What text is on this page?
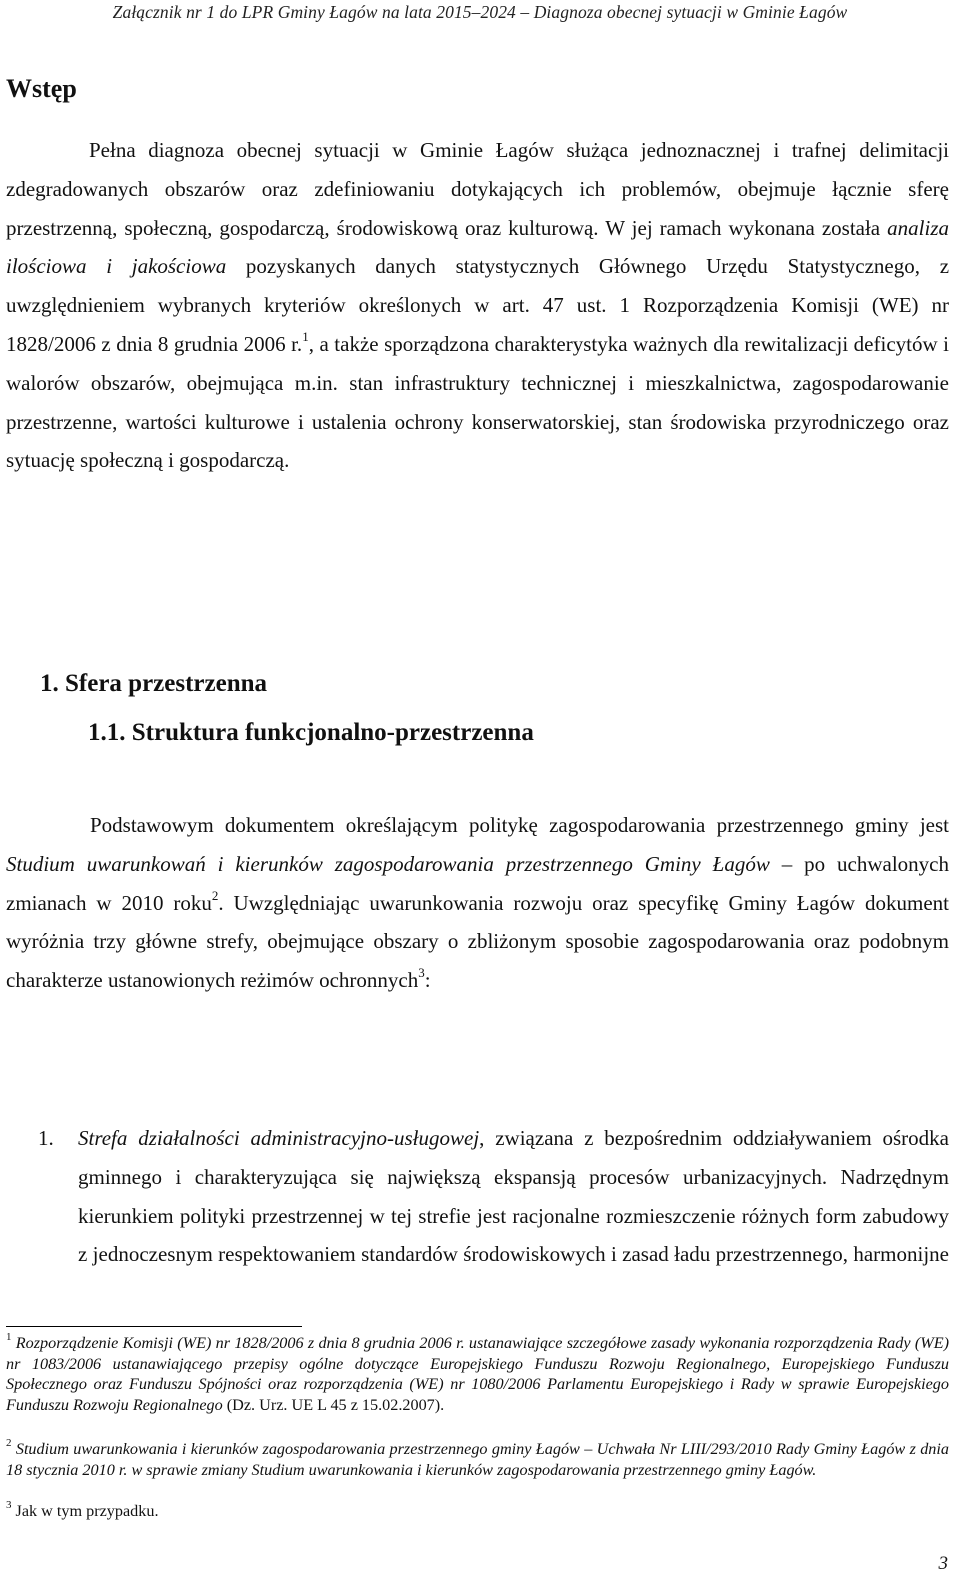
Załącznik nr 1 do LPR Gminy Łagów na lata 2015–2024 – Diagnoza obecnej sytuacji w Gminie Łagów
Wstęp

Pełna diagnoza obecnej sytuacji w Gminie Łagów służąca jednoznacznej i trafnej delimitacji zdegradowanych obszarów oraz zdefiniowaniu dotykających ich problemów, obejmuje łącznie sferę przestrzenną, społeczną, gospodarczą, środowiskową oraz kulturową. W jej ramach wykonana została analiza ilościowa i jakościowa pozyskanych danych statystycznych Głównego Urzędu Statystycznego, z uwzględnieniem wybranych kryteriów określonych w art. 47 ust. 1 Rozporządzenia Komisji (WE) nr 1828/2006 z dnia 8 grudnia 2006 r.$^1$, a także sporządzona charakterystyka ważnych dla rewitalizacji deficytów i walorów obszarów, obejmująca m.in. stan infrastruktury technicznej i mieszkalnictwa, zagospodarowanie przestrzenne, wartości kulturowe i ustalenia ochrony konserwatorskiej, stan środowiska przyrodniczego oraz sytuację społeczną i gospodarczą.

1. Sfera przestrzenna
1.1. Struktura funkcjonalno-przestrzenna

Podstawowym dokumentem określającym politykę zagospodarowania przestrzennego gminy jest Studium uwarunkowań i kierunków zagospodarowania przestrzennego Gminy Łagów – po uchwalonych zmianach w 2010 roku$^2$. Uwzględniając uwarunkowania rozwoju oraz specyfikę Gminy Łagów dokument wyróżnia trzy główne strefy, obejmujące obszary o zbliżonym sposobie zagospodarowania oraz podobnym charakterze ustanowionych reżimów ochronnych$^3$:

1. Strefa działalności administracyjno-usługowej, związana z bezpośrednim oddziaływaniem ośrodka gminnego i charakteryzująca się największą ekspansją procesów urbanizacyjnych. Nadrzędnym kierunkiem polityki przestrzennej w tej strefie jest racjonalne rozmieszczenie różnych form zabudowy z jednoczesnym respektowaniem standardów środowiskowych i zasad ładu przestrzennego, harmonijne

$^1$ Rozporządzenie Komisji (WE) nr 1828/2006 z dnia 8 grudnia 2006 r. ustanawiające szczegółowe zasady wykonania rozporządzenia Rady (WE) nr 1083/2006 ustanawiającego przepisy ogólne dotyczące Europejskiego Funduszu Rozwoju Regionalnego, Europejskiego Funduszu Społecznego oraz Funduszu Spójności oraz rozporządzenia (WE) nr 1080/2006 Parlamentu Europejskiego i Rady w sprawie Europejskiego Funduszu Rozwoju Regionalnego (Dz. Urz. UE L 45 z 15.02.2007).

$^2$ Studium uwarunkowania i kierunków zagospodarowania przestrzennego gminy Łagów – Uchwała Nr LIII/293/2010 Rady Gminy Łagów z dnia 18 stycznia 2010 r. w sprawie zmiany Studium uwarunkowania i kierunków zagospodarowania przestrzennego gminy Łagów.

$^3$ Jak w tym przypadku.

3
